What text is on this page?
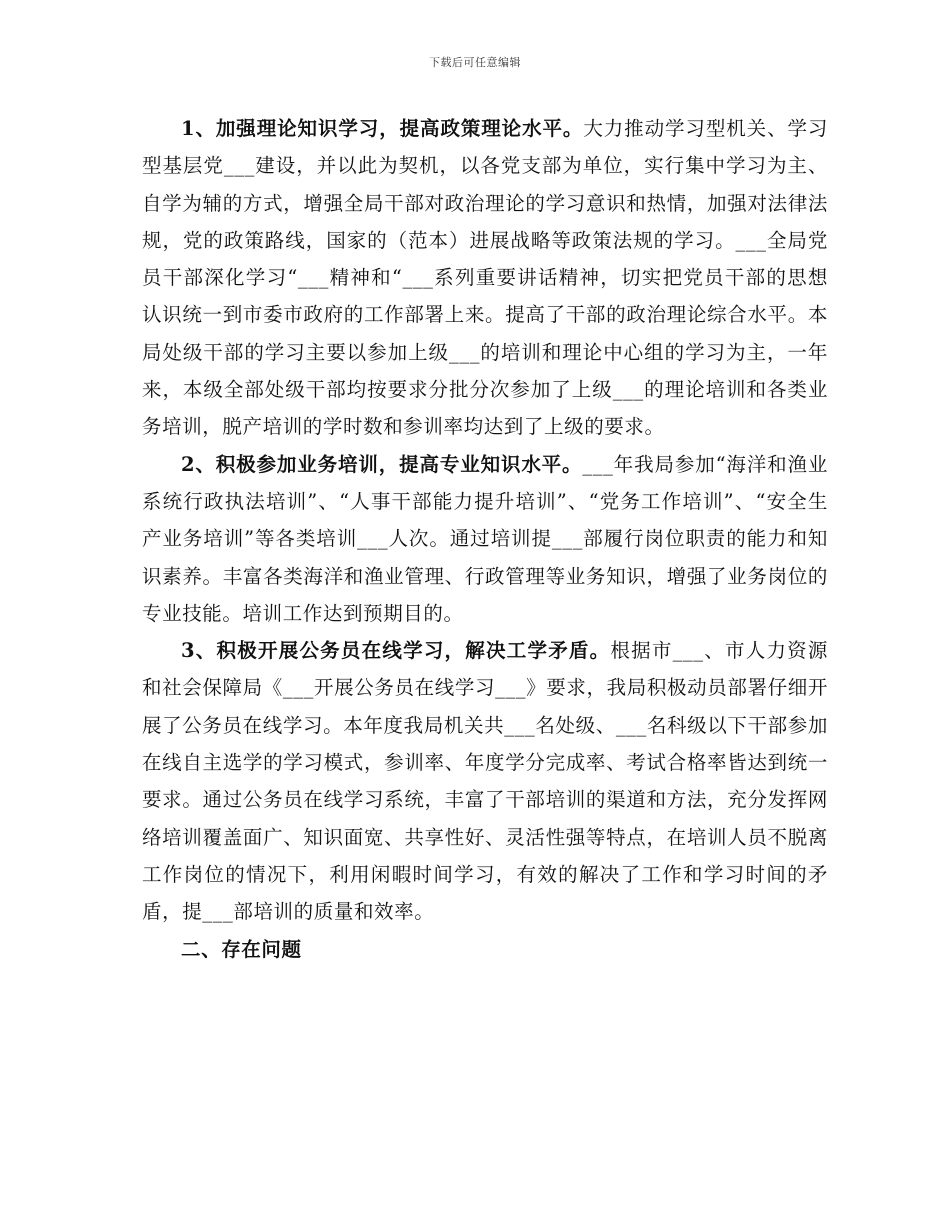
下载后可任意编辑

1、加强理论知识学习，提高政策理论水平。大力推动学习型机关、学习型基层党___建设，并以此为契机，以各党支部为单位，实行集中学习为主、自学为辅的方式，增强全局干部对政治理论的学习意识和热情，加强对法律法规，党的政策路线，国家的（范本）进展战略等政策法规的学习。___全局党员干部深化学习“___精神和“___系列重要讲话精神，切实把党员干部的思想认识统一到市委市政府的工作部署上来。提高了干部的政治理论综合水平。本局处级干部的学习主要以参加上级___的培训和理论中心组的学习为主，一年来，本级全部处级干部均按要求分批分次参加了上级___的理论培训和各类业务培训，脱产培训的学时数和参训率均达到了上级的要求。

2、积极参加业务培训，提高专业知识水平。___年我局参加“海洋和渔业系统行政执法培训”、“人事干部能力提升培训”、“党务工作培训”、“安全生产业务培训”等各类培训___人次。通过培训提___部履行岗位职责的能力和知识素养。丰富各类海洋和渔业管理、行政管理等业务知识，增强了业务岗位的专业技能。培训工作达到预期目的。

3、积极开展公务员在线学习，解决工学矛盾。根据市___、市人力资源和社会保障局《___开展公务员在线学习___》要求，我局积极动员部署仔细开展了公务员在线学习。本年度我局机关共___名处级、___名科级以下干部参加在线自主选学的学习模式，参训率、年度学分完成率、考试合格率皆达到统一要求。通过公务员在线学习系统，丰富了干部培训的渠道和方法，充分发挥网络培训覆盖面广、知识面宽、共享性好、灵活性强等特点，在培训人员不脱离工作岗位的情况下，利用闲暇时间学习，有效的解决了工作和学习时间的矛盾，提___部培训的质量和效率。

二、存在问题
